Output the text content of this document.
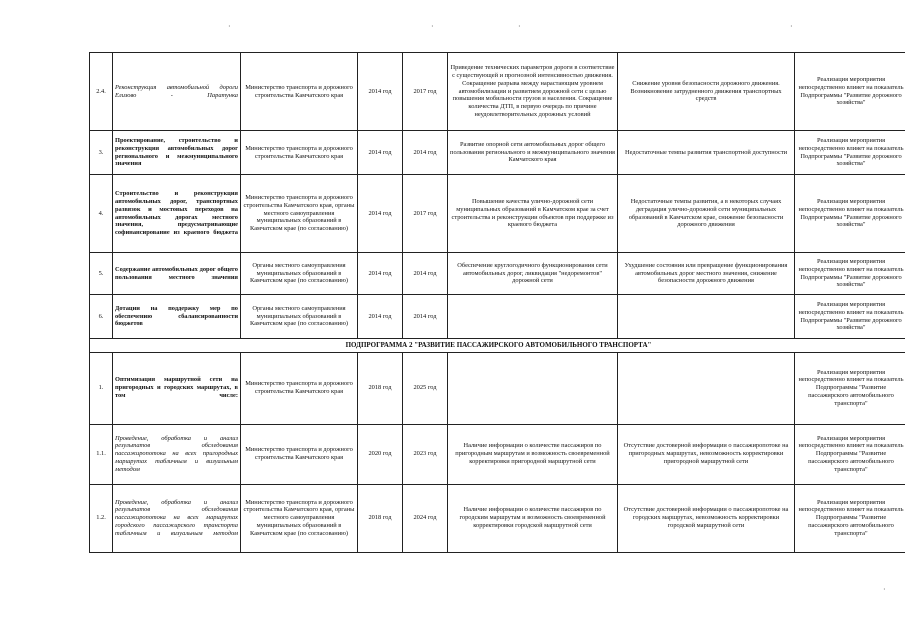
·	·	·	·
·
2.4.	Реконструкция автомобильной дороги Елизово - Паратунка	Министерство транспорта и дорожного строительства Камчатского края	2014 год	2017 год	Приведение технических параметров дороги в соответствие с существующей и прогнозной интенсивностью движения. Сокращение разрыва между нарастающим уровнем автомобилизации и развитием дорожной сети с целью повышения мобильности грузов и населения. Сокращение количества ДТП, в первую очередь по причине неудовлетворительных дорожных условий	Снижение уровня безопасности дорожного движения. Возникновение затрудненного движения транспортных средств	Реализация мероприятия непосредственно влияет на показатель Подпрограммы "Развитие дорожного хозяйства"
3.	Проектирование, строительство и реконструкция автомобильных дорог регионального и межмуниципального значения	Министерство транспорта и дорожного строительства Камчатского края	2014 год	2014 год	Развитие опорной сети автомобильных дорог общего пользования регионального и межмуниципального значения Камчатского края	Недостаточные темпы развития транспортной доступности	Реализация мероприятия непосредственно влияет на показатель Подпрограммы "Развитие дорожного хозяйства"
4.	Строительство и реконструкция автомобильных дорог, транспортных развязок и мостовых переходов на автомобильных дорогах местного значения, предусматривающие софинансирование из краевого бюджета	Министерство транспорта и дорожного строительства Камчатского края, органы местного самоуправления муниципальных образований в Камчатском крае (по согласованию)	2014 год	2017 год	Повышение качества улично-дорожной сети муниципальных образований в Камчатском крае за счет строительства и реконструкции объектов при поддержке из краевого бюджета	Недостаточные темпы развития, а в некоторых случаях деградация улично-дорожной сети муниципальных образований в Камчатском крае, снижение безопасности дорожного движения	Реализация мероприятия непосредственно влияет на показатель Подпрограммы "Развитие дорожного хозяйства"
5.	Содержание автомобильных дорог общего пользования местного значения	Органы местного самоуправления муниципальных образований в Камчатском крае (по согласованию)	2014 год	2014 год	Обеспечение круглогодичного функционирования сети автомобильных дорог, ликвидация "недоремонтов" дорожной сети	Ухудшение состояния или превращение функционирования автомобильных дорог местного значения, снижение безопасности дорожного движения	Реализация мероприятия непосредственно влияет на показатель Подпрограммы "Развитие дорожного хозяйства"
6.	Дотации на поддержку мер по обеспечению сбалансированности бюджетов	Органы местного самоуправления муниципальных образований в Камчатском крае (по согласованию)	2014 год	2014 год			Реализация мероприятия непосредственно влияет на показатель Подпрограммы "Развитие дорожного хозяйства"
ПОДПРОГРАММА 2 "РАЗВИТИЕ ПАССАЖИРСКОГО АВТОМОБИЛЬНОГО ТРАНСПОРТА"							
1.	Оптимизация маршрутной сети на пригородных и городских маршрутах, в том числе:	Министерство транспорта и дорожного строительства Камчатского края	2018 год	2025 год			Реализация мероприятия непосредственно влияет на показатель Подпрограммы "Развитие пассажирского автомобильного транспорта"
1.1.	Проведение, обработка и анализ результатов обследования пассажиропотока на всех пригородных маршрутах табличным и визуальным методом	Министерство транспорта и дорожного строительства Камчатского края	2020 год	2023 год	Наличие информации о количестве пассажиров по пригородным маршрутам и возможность своевременной корректировки пригородной маршрутной сети	Отсутствие достоверной информации о пассажиропотоке на пригородных маршрутах, невозможность корректировки пригородной маршрутной сети	Реализация мероприятия непосредственно влияет на показатель Подпрограммы "Развитие пассажирского автомобильного транспорта"
1.2.	Проведение, обработка и анализ результатов обследования пассажиропотока на всех маршрутах городского пассажирского транспорта табличным и визуальным методом	Министерство транспорта и дорожного строительства Камчатского края, органы местного самоуправления муниципальных образований в Камчатском крае (по согласованию)	2018 год	2024 год	Наличие информации о количестве пассажиров по городским маршрутам и возможность своевременной корректировки городской маршрутной сети	Отсутствие достоверной информации о пассажиропотоке на городских маршрутах, невозможность корректировки городской маршрутной сети	Реализация мероприятия непосредственно влияет на показатель Подпрограммы "Развитие пассажирского автомобильного транспорта"
